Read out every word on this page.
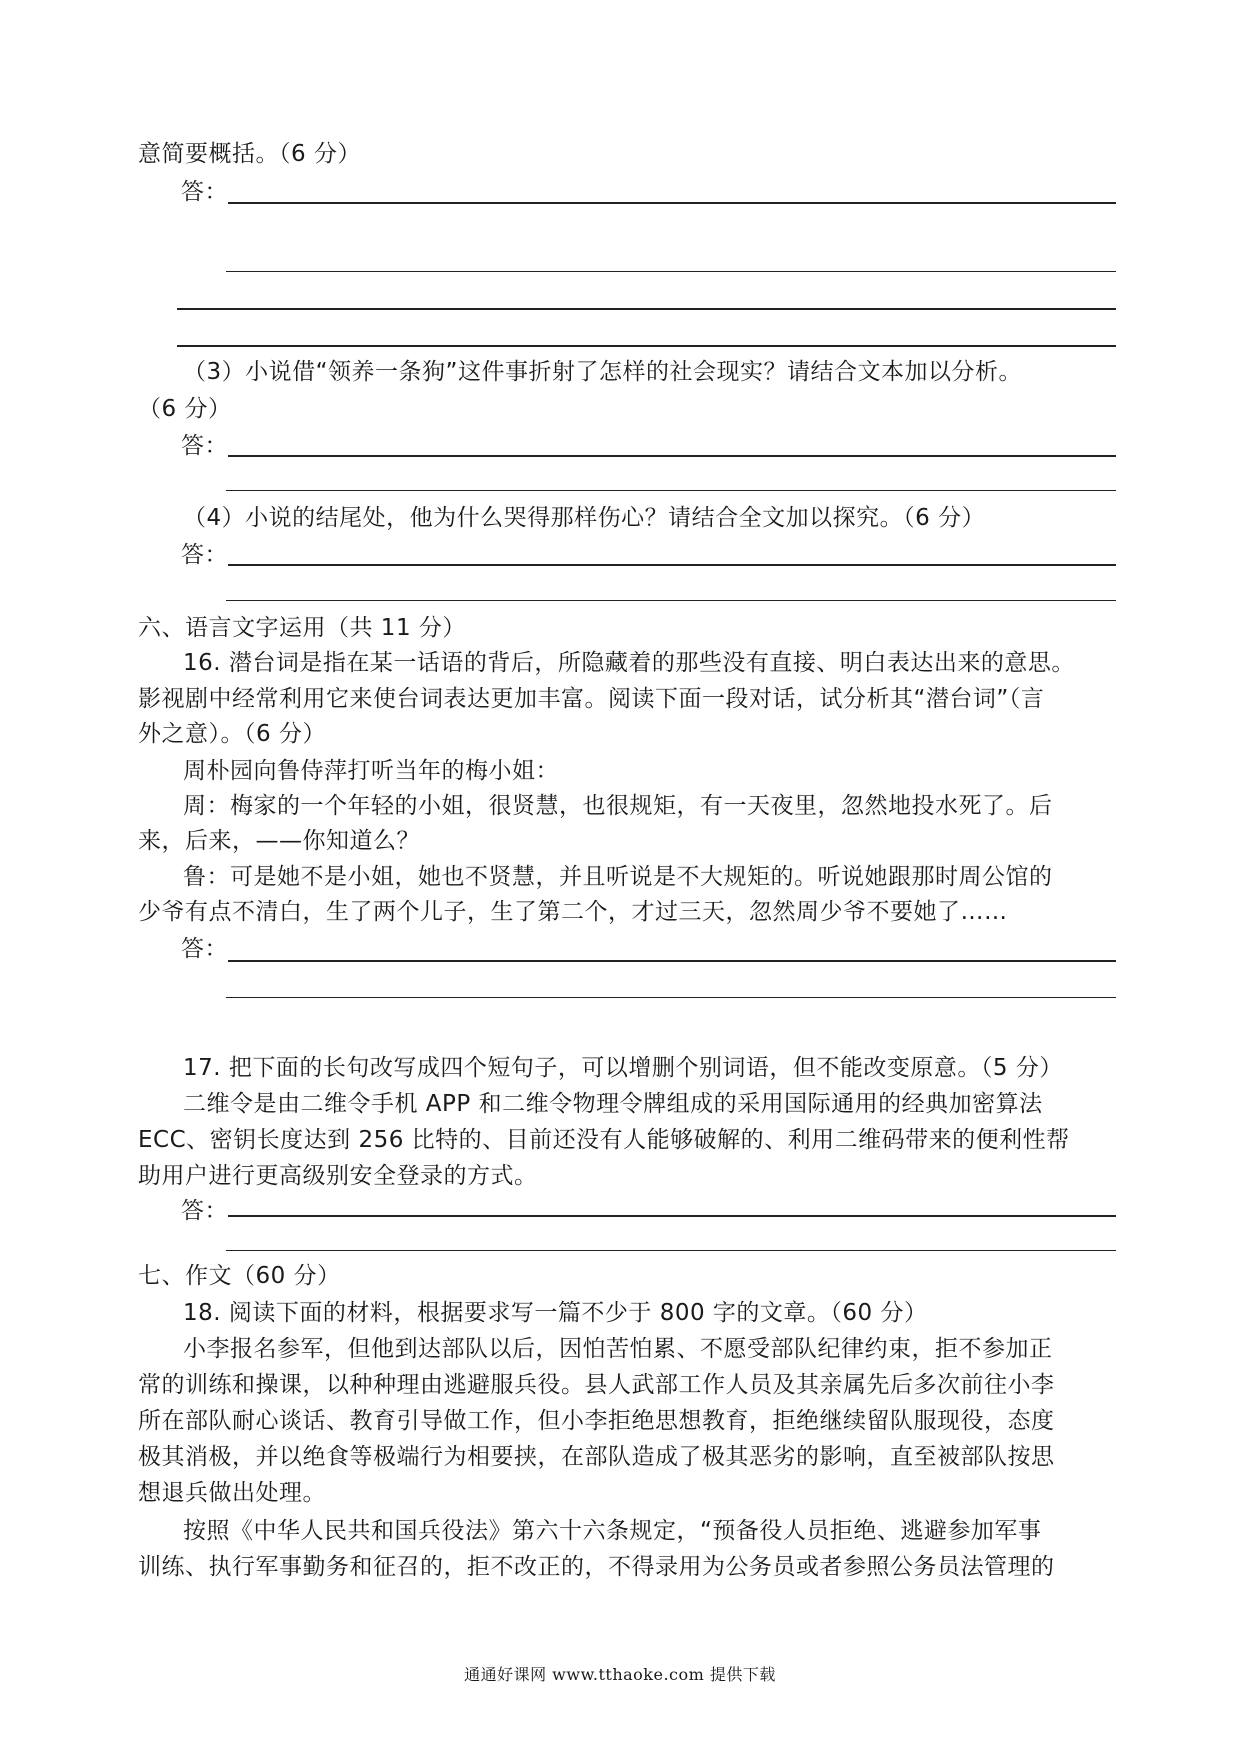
意简要概括。（6 分）
答：
（3）小说借“领养一条狗”这件事折射了怎样的社会现实？请结合文本加以分析。
（6 分）
答：
（4）小说的结尾处，他为什么哭得那样伤心？请结合全文加以探究。（6 分）
答：
六、语言文字运用（共 11 分）
16. 潜台词是指在某一话语的背后，所隐藏着的那些没有直接、明白表达出来的意思。
影视剧中经常利用它来使台词表达更加丰富。阅读下面一段对话，试分析其“潜台词”（言
外之意）。（6 分）
周朴园向鲁侍萍打听当年的梅小姐：
周：梅家的一个年轻的小姐，很贤慧，也很规矩，有一天夜里，忽然地投水死了。后
来，后来，——你知道么？
鲁：可是她不是小姐，她也不贤慧，并且听说是不大规矩的。听说她跟那时周公馆的
少爷有点不清白，生了两个儿子，生了第二个，才过三天，忽然周少爷不要她了……
答：
17. 把下面的长句改写成四个短句子，可以增删个别词语，但不能改变原意。（5 分）
二维令是由二维令手机 APP 和二维令物理令牌组成的采用国际通用的经典加密算法
ECC、密钥长度达到 256 比特的、目前还没有人能够破解的、利用二维码带来的便利性帮
助用户进行更高级别安全登录的方式。
答：
七、作文（60 分）
18. 阅读下面的材料，根据要求写一篇不少于 800 字的文章。（60 分）
小李报名参军，但他到达部队以后，因怕苦怕累、不愿受部队纪律约束，拒不参加正
常的训练和操课，以种种理由逃避服兵役。县人武部工作人员及其亲属先后多次前往小李
所在部队耐心谈话、教育引导做工作，但小李拒绝思想教育，拒绝继续留队服现役，态度
极其消极，并以绝食等极端行为相要挟，在部队造成了极其恶劣的影响，直至被部队按思
想退兵做出处理。
按照《中华人民共和国兵役法》第六十六条规定，“预备役人员拒绝、逃避参加军事
训练、执行军事勤务和征召的，拒不改正的，不得录用为公务员或者参照公务员法管理的
通通好课网 www.tthaoke.com 提供下载
